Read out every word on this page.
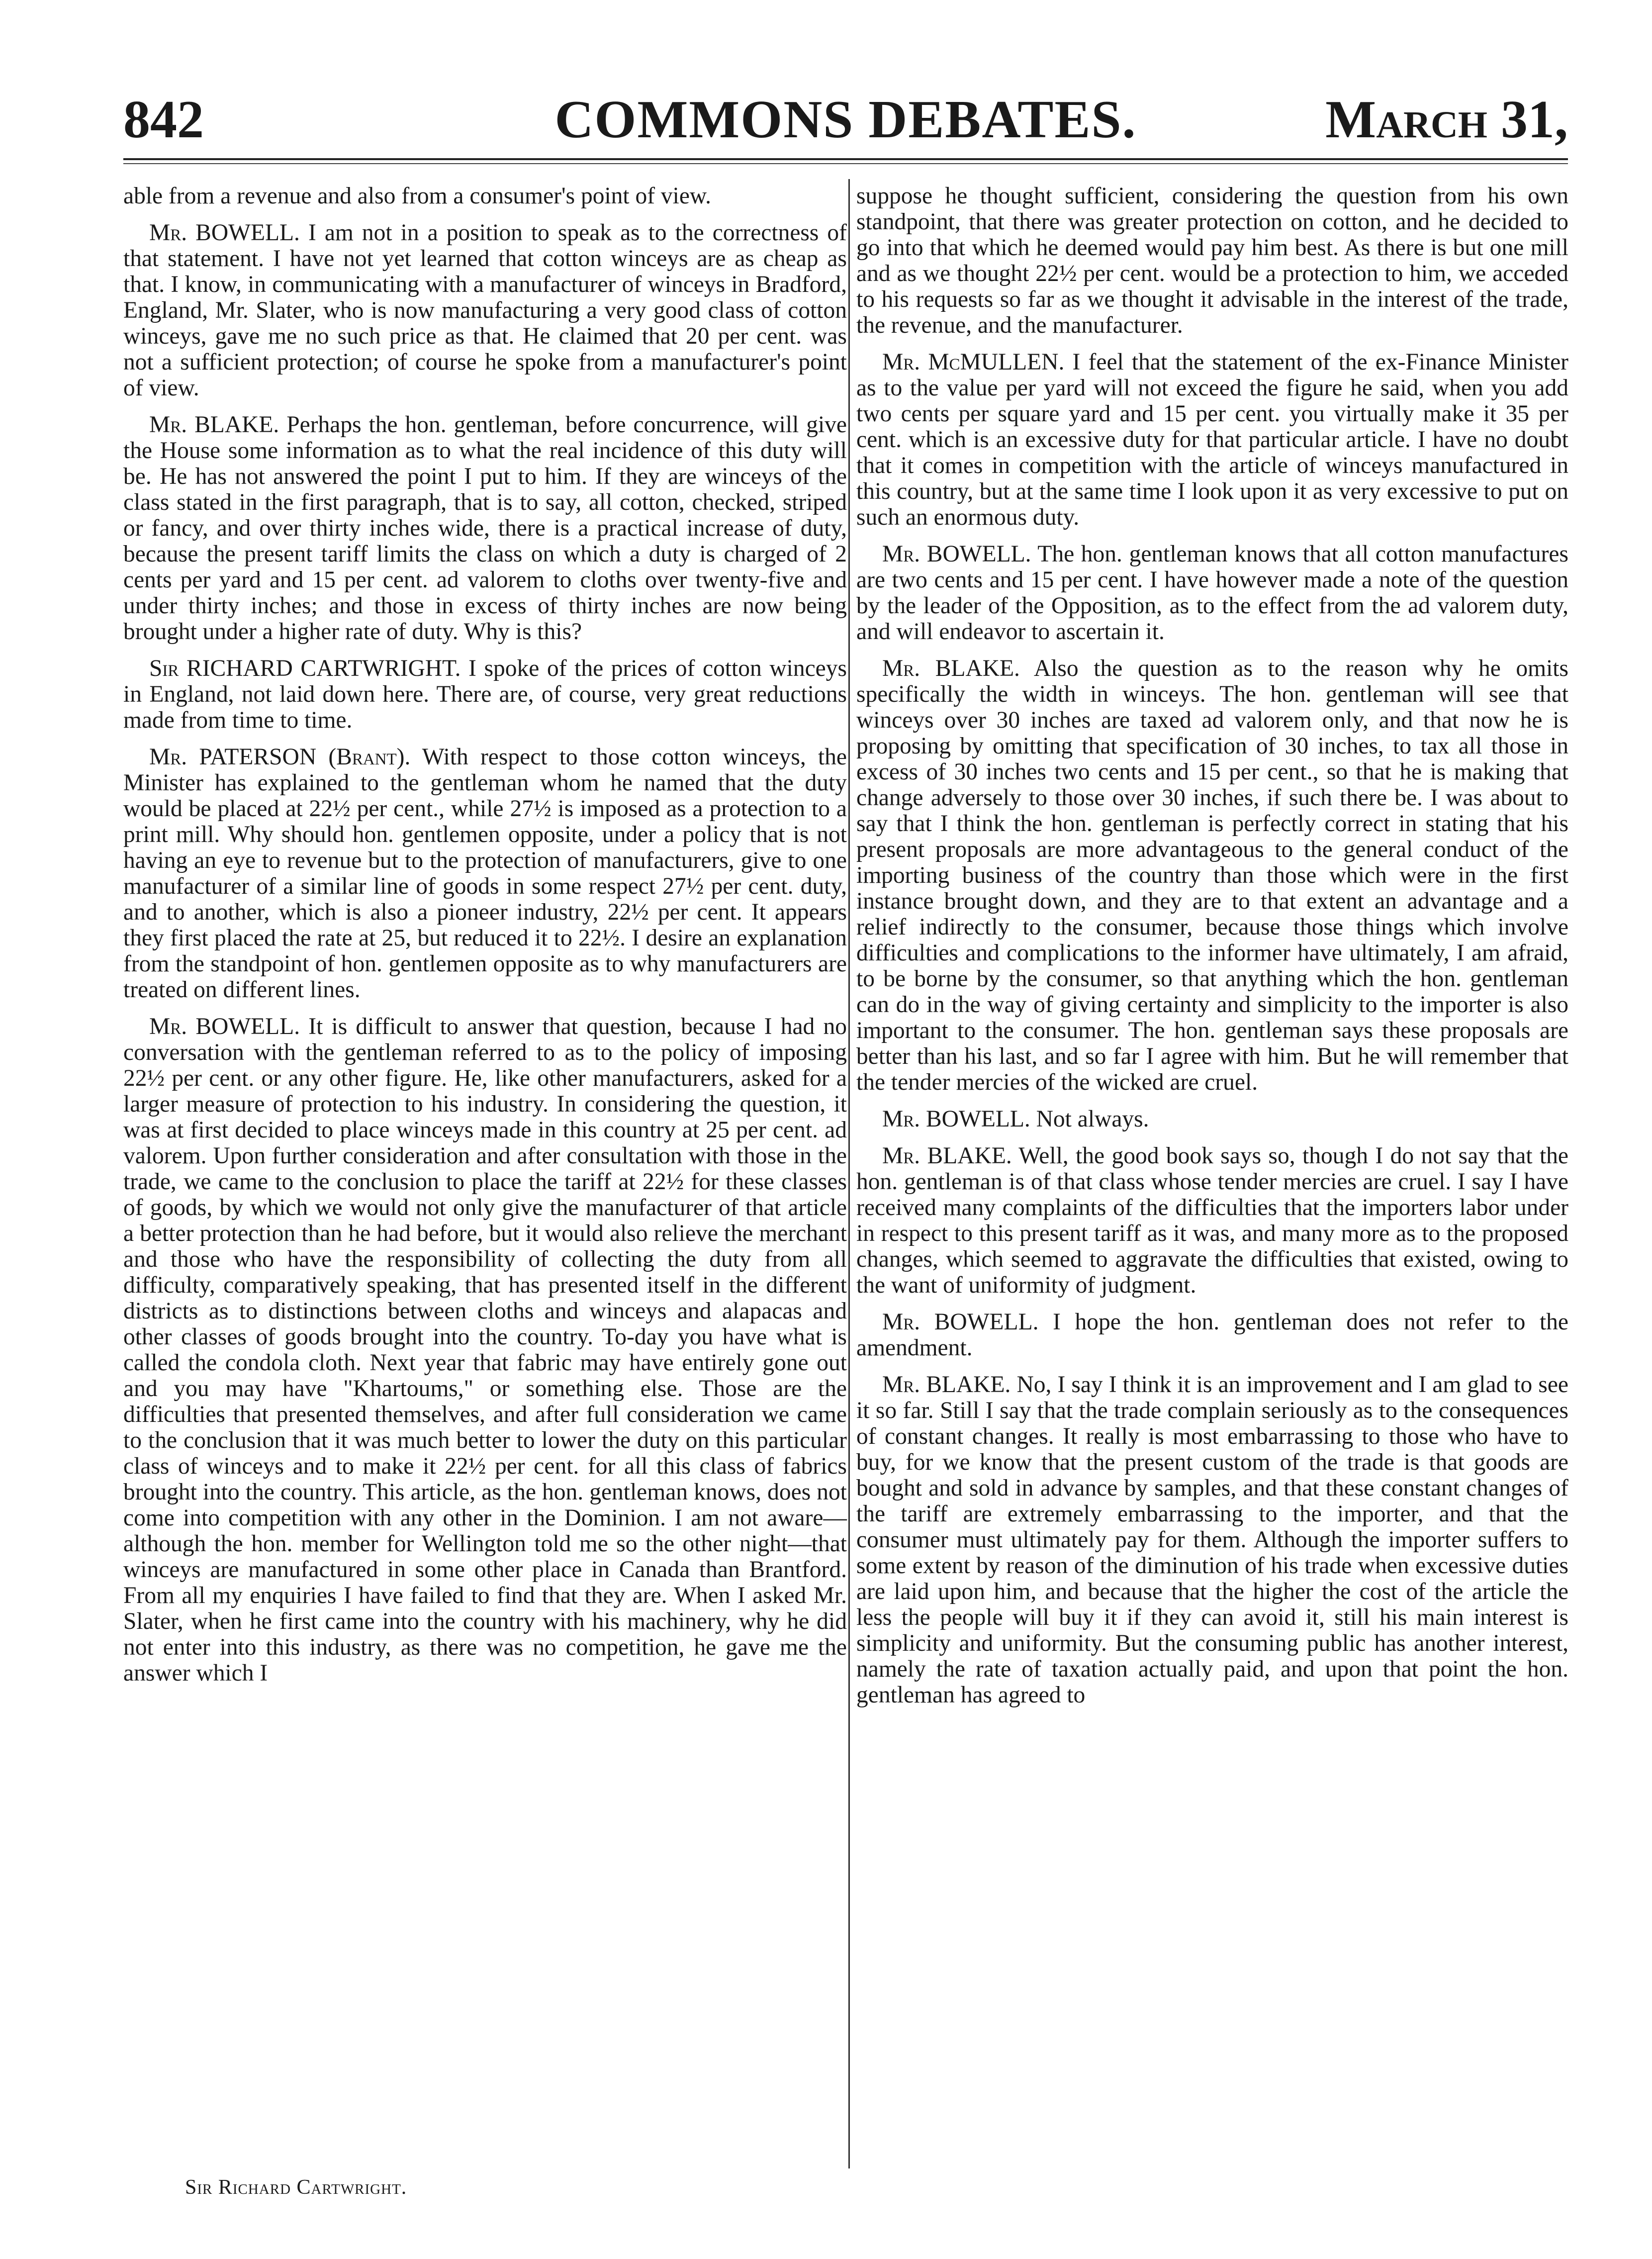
842	COMMONS DEBATES.	March 31,

able from a revenue and also from a consumer's point of view.

Mr. BOWELL. I am not in a position to speak as to the correctness of that statement. I have not yet learned that cotton winceys are as cheap as that. I know, in communicating with a manufacturer of winceys in Bradford, England, Mr. Slater, who is now manufacturing a very good class of cotton winceys, gave me no such price as that. He claimed that 20 per cent. was not a sufficient protection; of course he spoke from a manufacturer's point of view.

Mr. BLAKE. Perhaps the hon. gentleman, before concurrence, will give the House some information as to what the real incidence of this duty will be. He has not answered the point I put to him. If they are winceys of the class stated in the first paragraph, that is to say, all cotton, checked, striped or fancy, and over thirty inches wide, there is a practical increase of duty, because the present tariff limits the class on which a duty is charged of 2 cents per yard and 15 per cent. ad valorem to cloths over twenty-five and under thirty inches; and those in excess of thirty inches are now being brought under a higher rate of duty. Why is this?

Sir RICHARD CARTWRIGHT. I spoke of the prices of cotton winceys in England, not laid down here. There are, of course, very great reductions made from time to time.

Mr. PATERSON (Brant). With respect to those cotton winceys, the Minister has explained to the gentleman whom he named that the duty would be placed at 22½ per cent., while 27½ is imposed as a protection to a print mill. Why should hon. gentlemen opposite, under a policy that is not having an eye to revenue but to the protection of manufacturers, give to one manufacturer of a similar line of goods in some respect 27½ per cent. duty, and to another, which is also a pioneer industry, 22½ per cent. It appears they first placed the rate at 25, but reduced it to 22½. I desire an explanation from the standpoint of hon. gentlemen opposite as to why manufacturers are treated on different lines.

Mr. BOWELL. It is difficult to answer that question, because I had no conversation with the gentleman referred to as to the policy of imposing 22½ per cent. or any other figure. He, like other manufacturers, asked for a larger measure of protection to his industry. In considering the question, it was at first decided to place winceys made in this country at 25 per cent. ad valorem. Upon further consideration and after consultation with those in the trade, we came to the conclusion to place the tariff at 22½ for these classes of goods, by which we would not only give the manufacturer of that article a better protection than he had before, but it would also relieve the merchant and those who have the responsibility of collecting the duty from all difficulty, comparatively speaking, that has presented itself in the different districts as to distinctions between cloths and winceys and alapacas and other classes of goods brought into the country. To-day you have what is called the condola cloth. Next year that fabric may have entirely gone out and you may have "Khartoums," or something else. Those are the difficulties that presented themselves, and after full consideration we came to the conclusion that it was much better to lower the duty on this particular class of winceys and to make it 22½ per cent. for all this class of fabrics brought into the country. This article, as the hon. gentleman knows, does not come into competition with any other in the Dominion. I am not aware—although the hon. member for Wellington told me so the other night—that winceys are manufactured in some other place in Canada than Brantford. From all my enquiries I have failed to find that they are. When I asked Mr. Slater, when he first came into the country with his machinery, why he did not enter into this industry, as there was no competition, he gave me the answer which I

suppose he thought sufficient, considering the question from his own standpoint, that there was greater protection on cotton, and he decided to go into that which he deemed would pay him best. As there is but one mill and as we thought 22½ per cent. would be a protection to him, we acceded to his requests so far as we thought it advisable in the interest of the trade, the revenue, and the manufacturer.

Mr. McMULLEN. I feel that the statement of the ex-Finance Minister as to the value per yard will not exceed the figure he said, when you add two cents per square yard and 15 per cent. you virtually make it 35 per cent. which is an excessive duty for that particular article. I have no doubt that it comes in competition with the article of winceys manufactured in this country, but at the same time I look upon it as very excessive to put on such an enormous duty.

Mr. BOWELL. The hon. gentleman knows that all cotton manufactures are two cents and 15 per cent. I have however made a note of the question by the leader of the Opposition, as to the effect from the ad valorem duty, and will endeavor to ascertain it.

Mr. BLAKE. Also the question as to the reason why he omits specifically the width in winceys. The hon. gentleman will see that winceys over 30 inches are taxed ad valorem only, and that now he is proposing by omitting that specification of 30 inches, to tax all those in excess of 30 inches two cents and 15 per cent., so that he is making that change adversely to those over 30 inches, if such there be. I was about to say that I think the hon. gentleman is perfectly correct in stating that his present proposals are more advantageous to the general conduct of the importing business of the country than those which were in the first instance brought down, and they are to that extent an advantage and a relief indirectly to the consumer, because those things which involve difficulties and complications to the informer have ultimately, I am afraid, to be borne by the consumer, so that anything which the hon. gentleman can do in the way of giving certainty and simplicity to the importer is also important to the consumer. The hon. gentleman says these proposals are better than his last, and so far I agree with him. But he will remember that the tender mercies of the wicked are cruel.

Mr. BOWELL. Not always.

Mr. BLAKE. Well, the good book says so, though I do not say that the hon. gentleman is of that class whose tender mercies are cruel. I say I have received many complaints of the difficulties that the importers labor under in respect to this present tariff as it was, and many more as to the proposed changes, which seemed to aggravate the difficulties that existed, owing to the want of uniformity of judgment.

Mr. BOWELL. I hope the hon. gentleman does not refer to the amendment.

Mr. BLAKE. No, I say I think it is an improvement and I am glad to see it so far. Still I say that the trade complain seriously as to the consequences of constant changes. It really is most embarrassing to those who have to buy, for we know that the present custom of the trade is that goods are bought and sold in advance by samples, and that these constant changes of the tariff are extremely embarrassing to the importer, and that the consumer must ultimately pay for them. Although the importer suffers to some extent by reason of the diminution of his trade when excessive duties are laid upon him, and because that the higher the cost of the article the less the people will buy it if they can avoid it, still his main interest is simplicity and uniformity. But the consuming public has another interest, namely the rate of taxation actually paid, and upon that point the hon. gentleman has agreed to

Sir Richard Cartwright.
